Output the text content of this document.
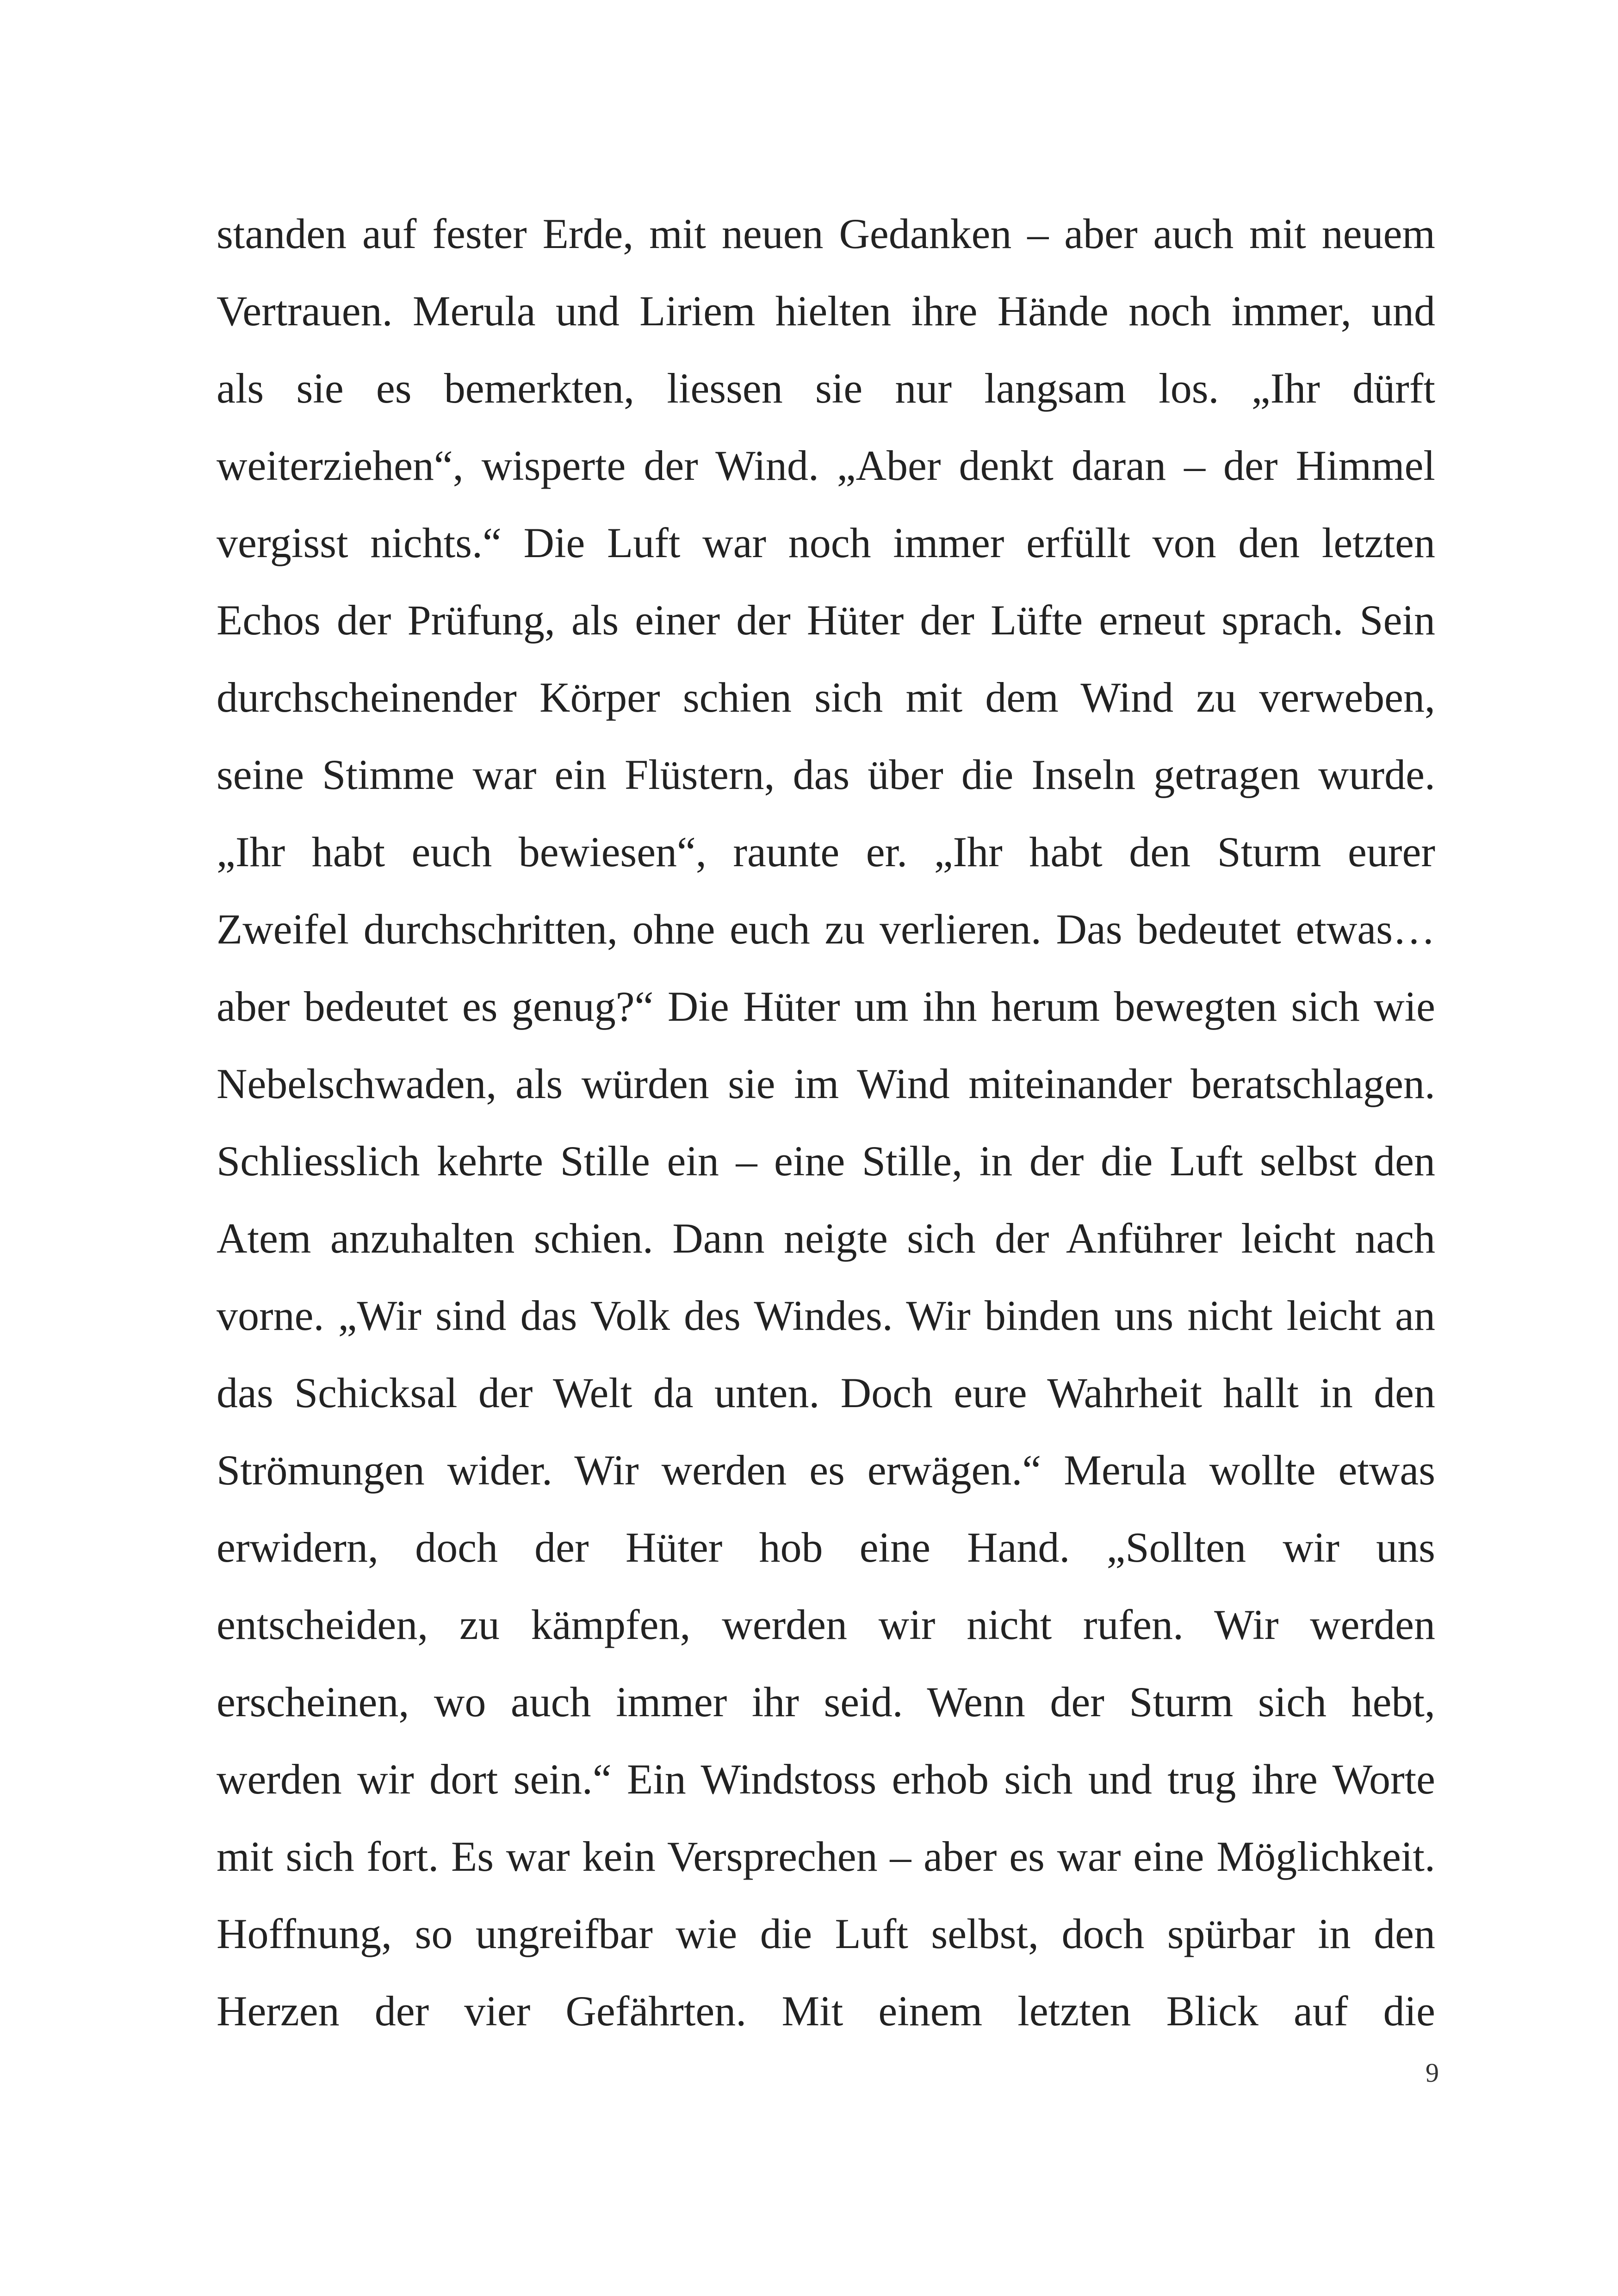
standen auf fester Erde, mit neuen Gedanken – aber auch mit neuem
Vertrauen. Merula und Liriem hielten ihre Hände noch immer, und
als sie es bemerkten, liessen sie nur langsam los. „Ihr dürft
weiterziehen“, wisperte der Wind. „Aber denkt daran – der Himmel
vergisst nichts.“ Die Luft war noch immer erfüllt von den letzten
Echos der Prüfung, als einer der Hüter der Lüfte erneut sprach. Sein
durchscheinender Körper schien sich mit dem Wind zu verweben,
seine Stimme war ein Flüstern, das über die Inseln getragen wurde.
„Ihr habt euch bewiesen“, raunte er. „Ihr habt den Sturm eurer
Zweifel durchschritten, ohne euch zu verlieren. Das bedeutet etwas…
aber bedeutet es genug?“ Die Hüter um ihn herum bewegten sich wie
Nebelschwaden, als würden sie im Wind miteinander beratschlagen.
Schliesslich kehrte Stille ein – eine Stille, in der die Luft selbst den
Atem anzuhalten schien. Dann neigte sich der Anführer leicht nach
vorne. „Wir sind das Volk des Windes. Wir binden uns nicht leicht an
das Schicksal der Welt da unten. Doch eure Wahrheit hallt in den
Strömungen wider. Wir werden es erwägen.“ Merula wollte etwas
erwidern, doch der Hüter hob eine Hand. „Sollten wir uns
entscheiden, zu kämpfen, werden wir nicht rufen. Wir werden
erscheinen, wo auch immer ihr seid. Wenn der Sturm sich hebt,
werden wir dort sein.“ Ein Windstoss erhob sich und trug ihre Worte
mit sich fort. Es war kein Versprechen – aber es war eine Möglichkeit.
Hoffnung, so ungreifbar wie die Luft selbst, doch spürbar in den
Herzen der vier Gefährten. Mit einem letzten Blick auf die
9
